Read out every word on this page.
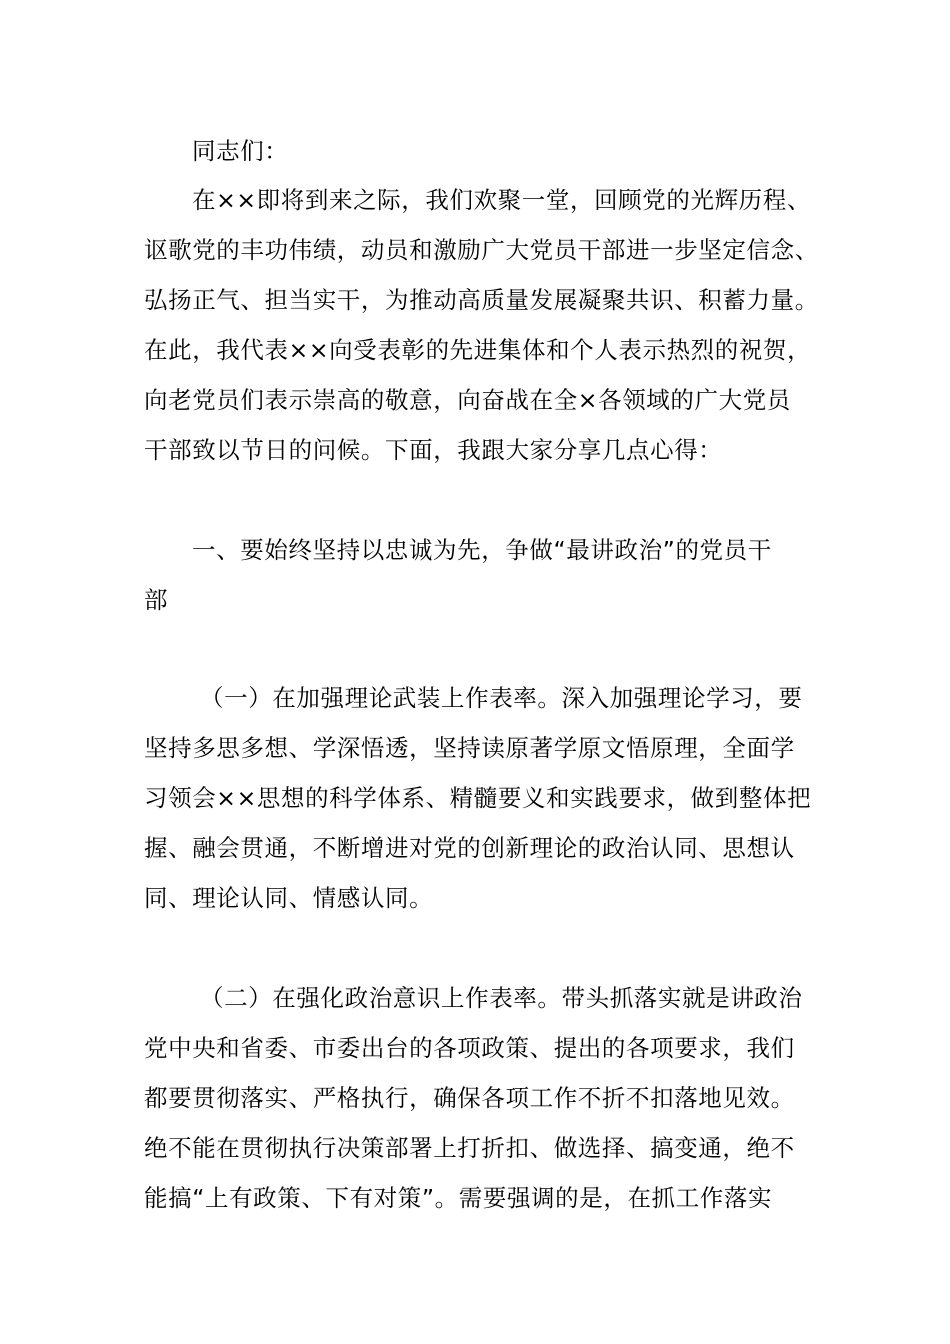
同志们：
在××即将到来之际，我们欢聚一堂，回顾党的光辉历程、
讴歌党的丰功伟绩，动员和激励广大党员干部进一步坚定信念、
弘扬正气、担当实干，为推动高质量发展凝聚共识、积蓄力量。
在此，我代表××向受表彰的先进集体和个人表示热烈的祝贺，
向老党员们表示崇高的敬意，向奋战在全×各领域的广大党员
干部致以节日的问候。下面，我跟大家分享几点心得：
一、要始终坚持以忠诚为先，争做“最讲政治”的党员干
部
（一）在加强理论武装上作表率。深入加强理论学习，要
坚持多思多想、学深悟透，坚持读原著学原文悟原理，全面学
习领会××思想的科学体系、精髓要义和实践要求，做到整体把
握、融会贯通，不断增进对党的创新理论的政治认同、思想认
同、理论认同、情感认同。
（二）在强化政治意识上作表率。带头抓落实就是讲政治
党中央和省委、市委出台的各项政策、提出的各项要求，我们
都要贯彻落实、严格执行，确保各项工作不折不扣落地见效。
绝不能在贯彻执行决策部署上打折扣、做选择、搞变通，绝不
能搞“上有政策、下有对策”。需要强调的是，在抓工作落实
